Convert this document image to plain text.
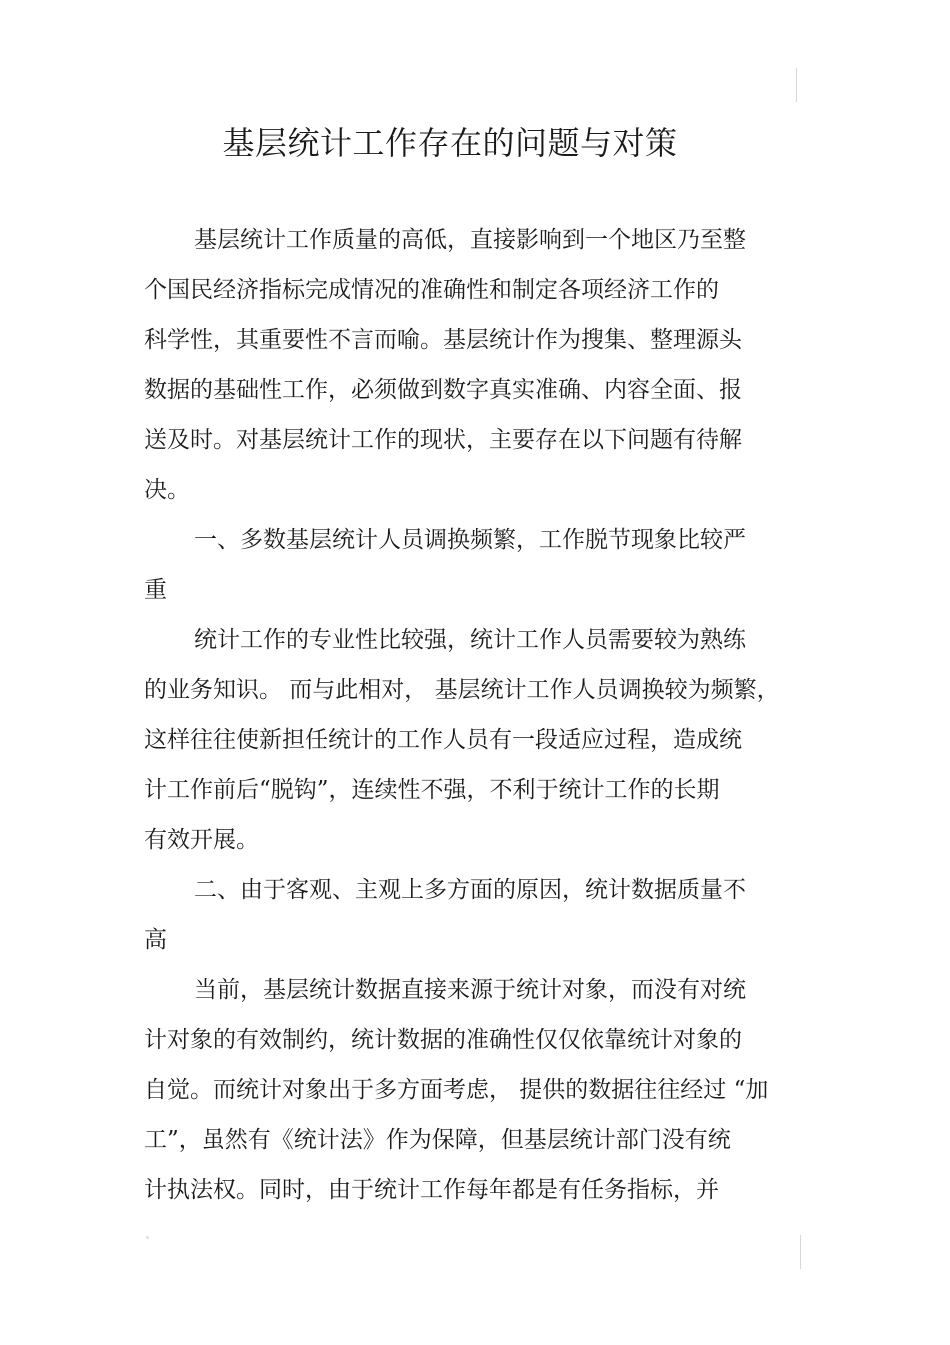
基层统计工作存在的问题与对策
基层统计工作质量的高低，直接影响到一个地区乃至整
个国民经济指标完成情况的准确性和制定各项经济工作的
科学性，其重要性不言而喻。基层统计作为搜集、整理源头
数据的基础性工作，必须做到数字真实准确、内容全面、报
送及时。对基层统计工作的现状，主要存在以下问题有待解
决。
一、多数基层统计人员调换频繁，工作脱节现象比较严
重
统计工作的专业性比较强，统计工作人员需要较为熟练
的业务知识。 而与此相对， 基层统计工作人员调换较为频繁，
这样往往使新担任统计的工作人员有一段适应过程，造成统
计工作前后“脱钩”，连续性不强，不利于统计工作的长期
有效开展。
二、由于客观、主观上多方面的原因，统计数据质量不
高
当前，基层统计数据直接来源于统计对象，而没有对统
计对象的有效制约，统计数据的准确性仅仅依靠统计对象的
自觉。而统计对象出于多方面考虑， 提供的数据往往经过 “加
工”，虽然有《统计法》作为保障，但基层统计部门没有统
计执法权。同时，由于统计工作每年都是有任务指标，并
